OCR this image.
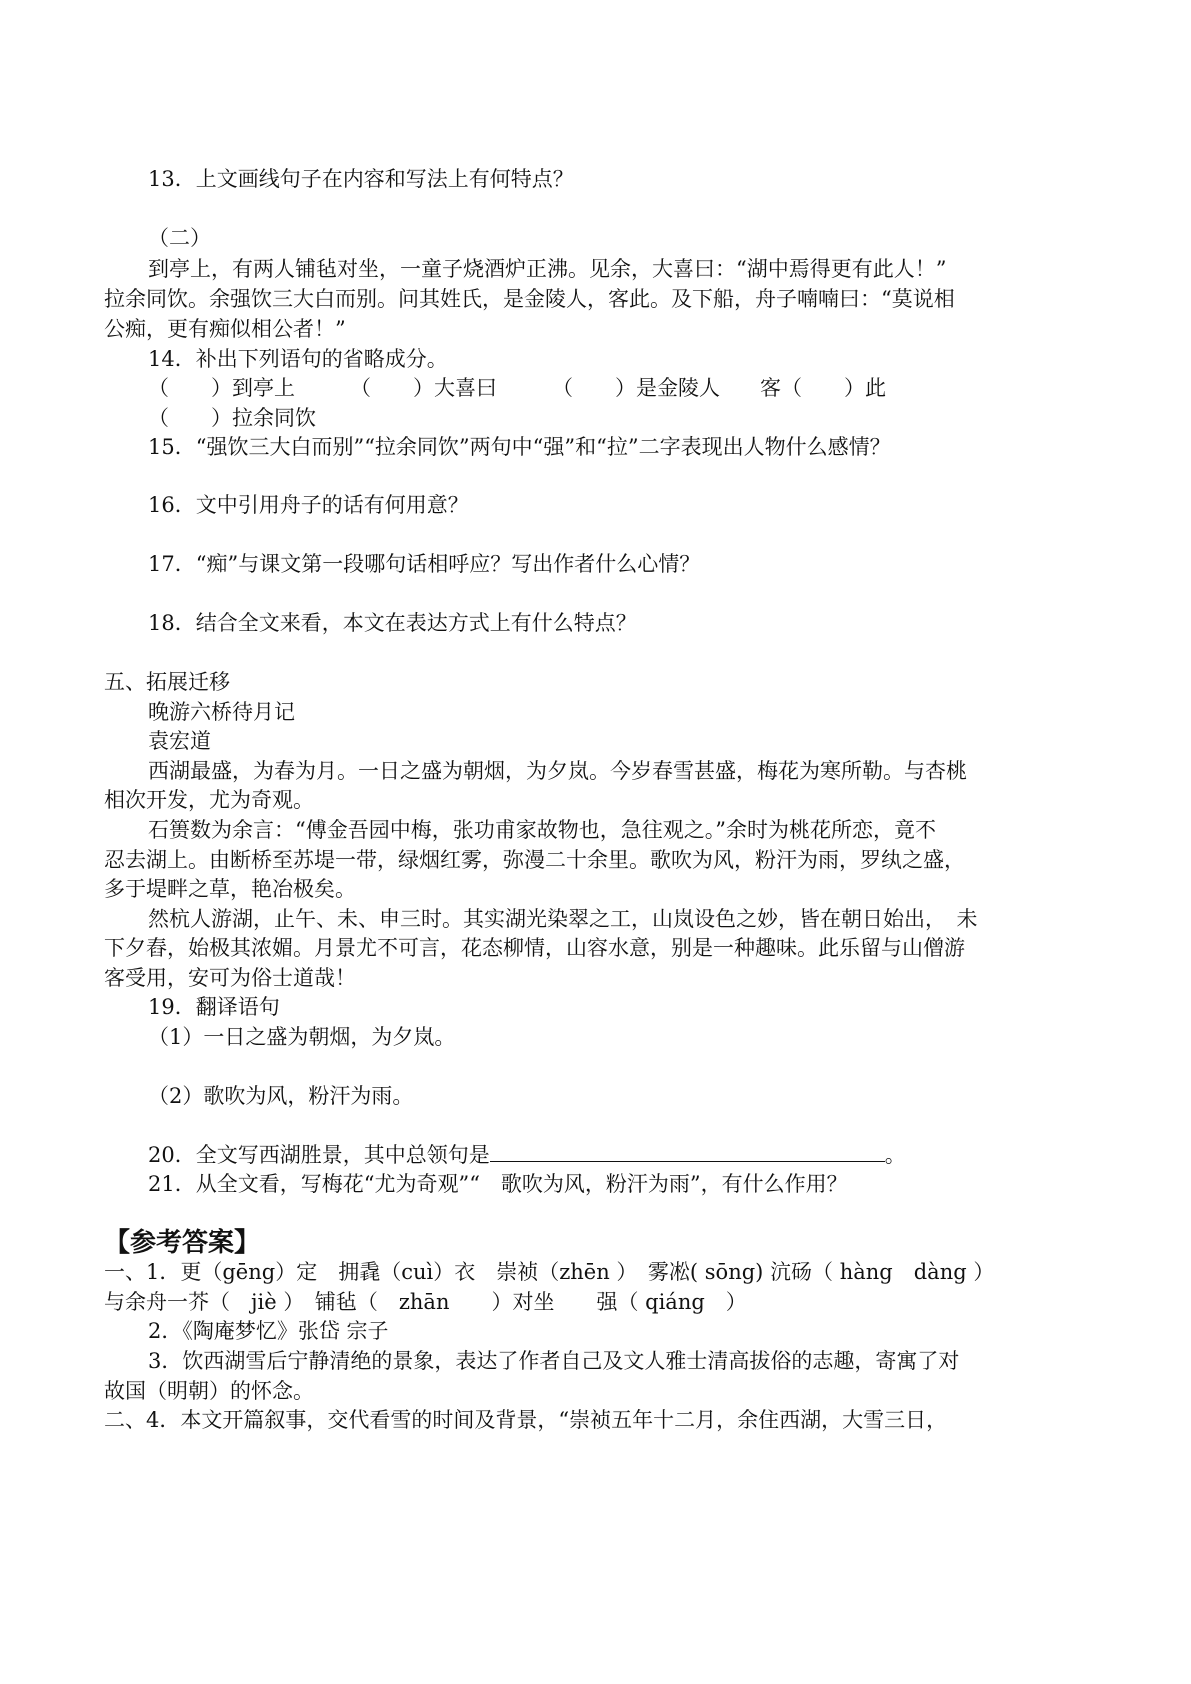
13．上文画线句子在内容和写法上有何特点？
（二）
到亭上，有两人铺毡对坐，一童子烧酒炉正沸。见余，大喜曰：“湖中焉得更有此人！”
拉余同饮。余强饮三大白而别。问其姓氏，是金陵人，客此。及下船，舟子喃喃曰：“莫说相
公痴，更有痴似相公者！”
14．补出下列语句的省略成分。
（　　）到亭上	（　　）大喜曰	（　　）是金陵人 客（　　）此
（　　）拉余同饮
15．“强饮三大白而别”“拉余同饮”两句中“强”和“拉”二字表现出人物什么感情？
16．文中引用舟子的话有何用意？
17．“痴”与课文第一段哪句话相呼应？写出作者什么心情？
18．结合全文来看，本文在表达方式上有什么特点？
五、拓展迁移
晚游六桥待月记
袁宏道
西湖最盛，为春为月。一日之盛为朝烟，为夕岚。今岁春雪甚盛，梅花为寒所勒。与杏桃
相次开发，尤为奇观。
石篑数为余言：“傅金吾园中梅，张功甫家故物也，急往观之。”余时为桃花所恋，竟不
忍去湖上。由断桥至苏堤一带，绿烟红雾，弥漫二十余里。歌吹为风，粉汗为雨，罗纨之盛，
多于堤畔之草，艳冶极矣。
然杭人游湖，止午、未、申三时。其实湖光染翠之工，山岚设色之妙，皆在朝日始出，　未
下夕舂，始极其浓媚。月景尤不可言，花态柳情，山容水意，别是一种趣味。此乐留与山僧游
客受用，安可为俗士道哉！
19．翻译语句
（1）一日之盛为朝烟，为夕岚。
（2）歌吹为风，粉汗为雨。
20．全文写西湖胜景，其中总领句是	。
21．从全文看，写梅花“尤为奇观”“　歌吹为风，粉汗为雨”，有什么作用？
【参考答案】
一、1．更（gēng）定　拥毳（cuì）衣　崇祯（zhēn ）　雾凇( sōng) 沆砀（ hàng　dàng ）
与余舟一芥（　jiè ）　铺毡（　zhān　　）对坐　　强（ qiáng　）
2．《陶庵梦忆》张岱 宗子
3．饮西湖雪后宁静清绝的景象，表达了作者自己及文人雅士清高拔俗的志趣，寄寓了对
故国（明朝）的怀念。
二、4．本文开篇叙事，交代看雪的时间及背景，“崇祯五年十二月，余住西湖，大雪三日，
